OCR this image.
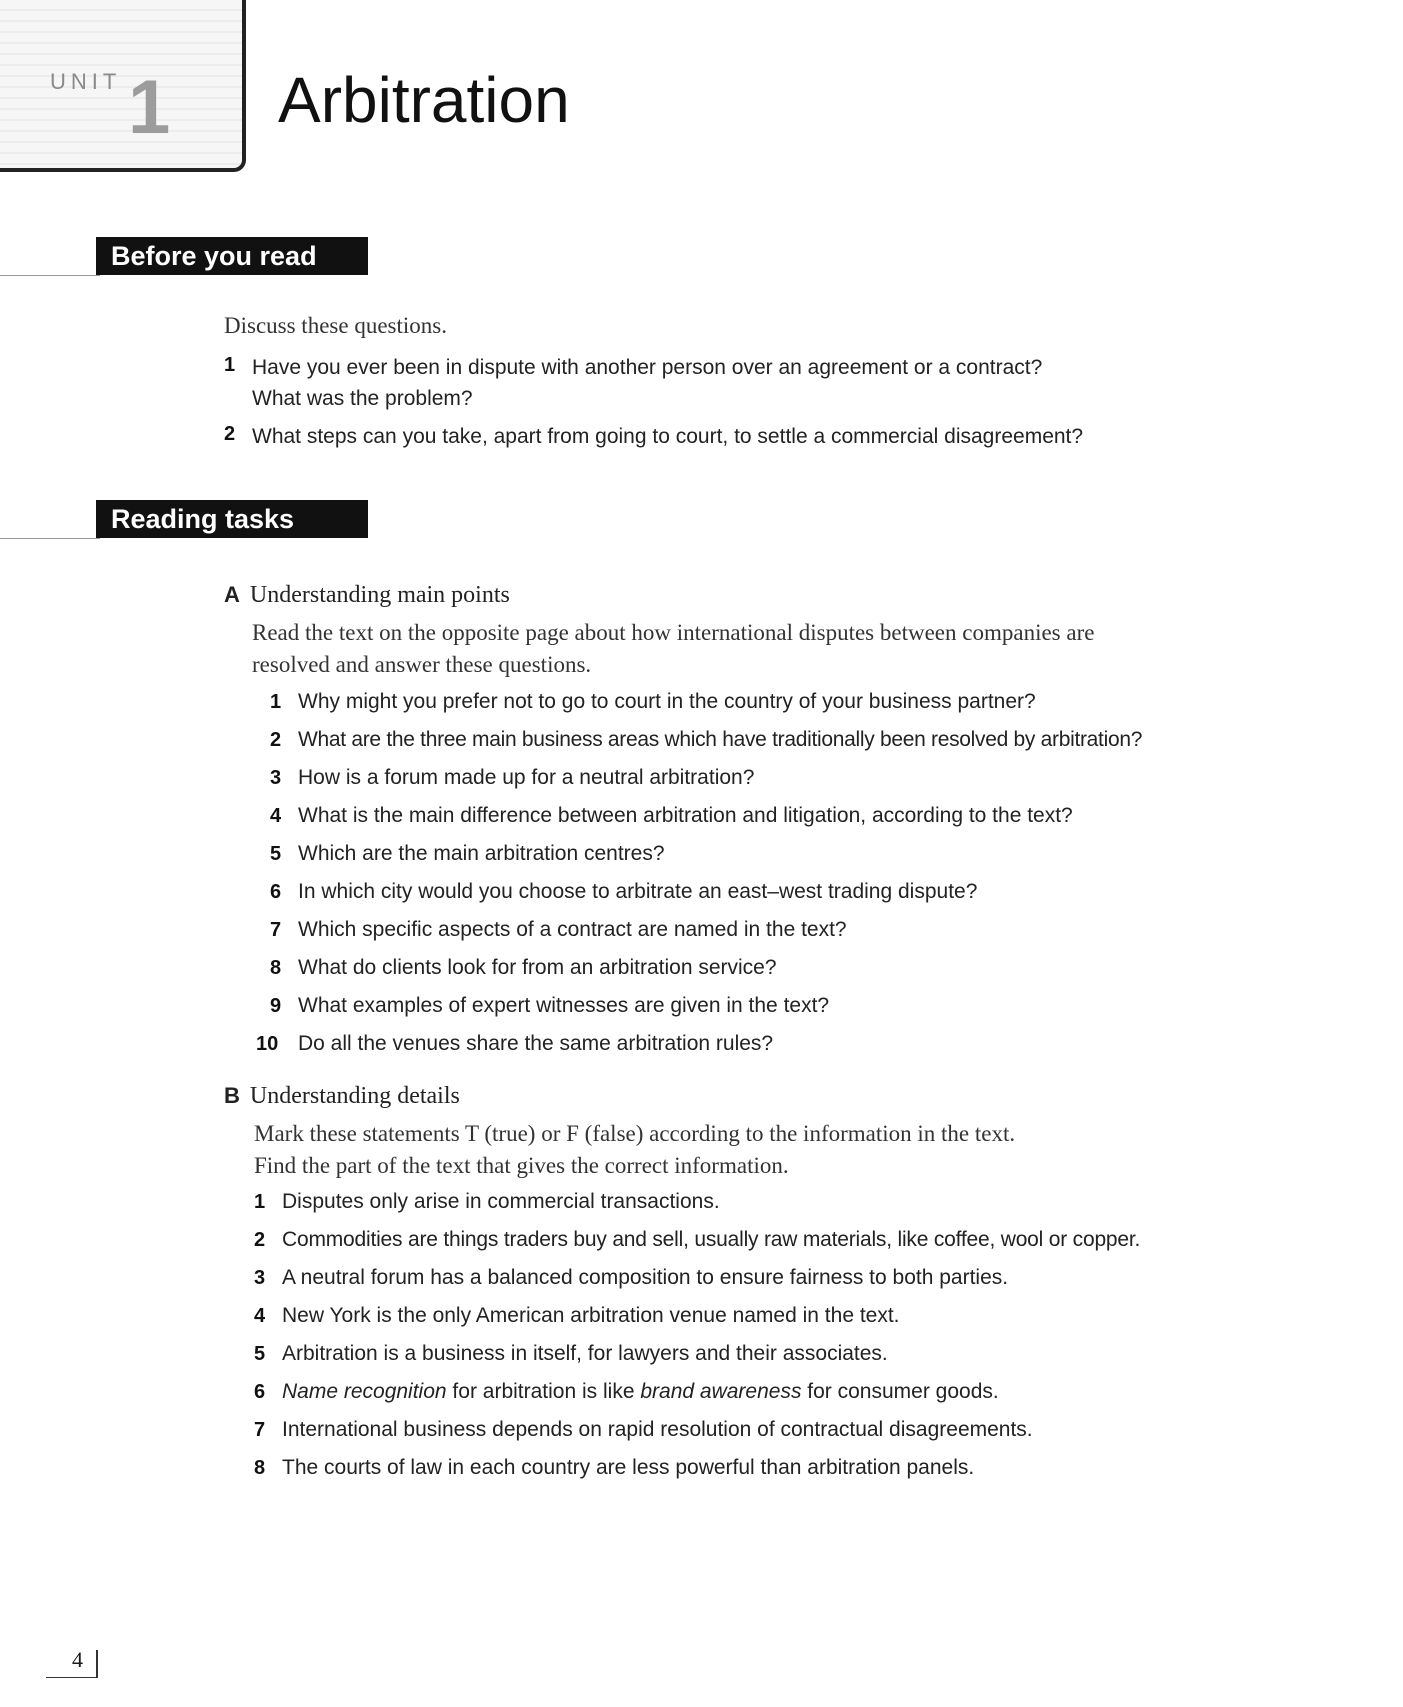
UNIT 1 Arbitration
Before you read
Discuss these questions.
1 Have you ever been in dispute with another person over an agreement or a contract?
What was the problem?
2 What steps can you take, apart from going to court, to settle a commercial disagreement?
Reading tasks
A Understanding main points
Read the text on the opposite page about how international disputes between companies are
resolved and answer these questions.
1 Why might you prefer not to go to court in the country of your business partner?
2 What are the three main business areas which have traditionally been resolved by arbitration?
3 How is a forum made up for a neutral arbitration?
4 What is the main difference between arbitration and litigation, according to the text?
5 Which are the main arbitration centres?
6 In which city would you choose to arbitrate an east–west trading dispute?
7 Which specific aspects of a contract are named in the text?
8 What do clients look for from an arbitration service?
9 What examples of expert witnesses are given in the text?
10 Do all the venues share the same arbitration rules?
B Understanding details
Mark these statements T (true) or F (false) according to the information in the text.
Find the part of the text that gives the correct information.
1 Disputes only arise in commercial transactions.
2 Commodities are things traders buy and sell, usually raw materials, like coffee, wool or copper.
3 A neutral forum has a balanced composition to ensure fairness to both parties.
4 New York is the only American arbitration venue named in the text.
5 Arbitration is a business in itself, for lawyers and their associates.
6 Name recognition for arbitration is like brand awareness for consumer goods.
7 International business depends on rapid resolution of contractual disagreements.
8 The courts of law in each country are less powerful than arbitration panels.
4
